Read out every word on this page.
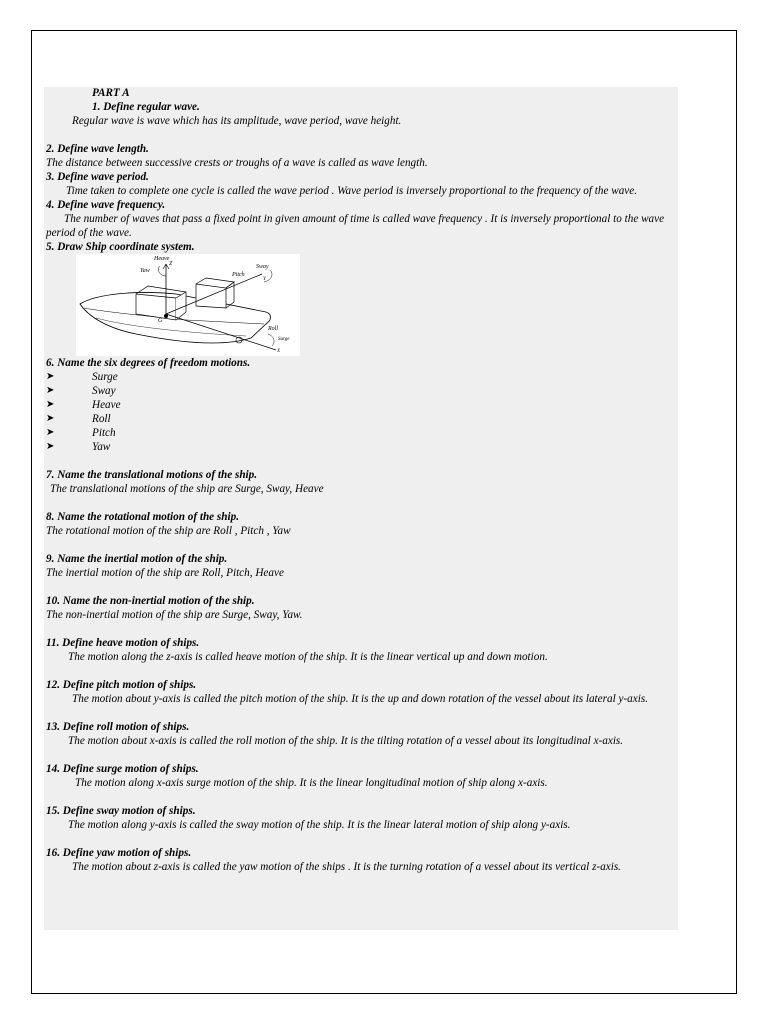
PART A

1. Define regular wave.

Regular wave is wave which has its amplitude, wave period, wave height.

2. Define wave length.

The distance between successive crests or troughs of a wave is called as wave length.

3. Define wave period.

Time taken to complete one cycle is called the wave period . Wave period is inversely proportional to the frequency of the wave.

4. Define wave frequency.

The number of waves that pass a fixed point in given amount of time is called wave frequency . It is inversely proportional to the wave period of the wave.

5. Draw Ship coordinate system.

Heave
Z
Yaw
Sway
Y
Pitch
G
Roll
Surge
X

6. Name the six degrees of freedom motions.

➤	Surge
➤	Sway
➤	Heave
➤	Roll
➤	Pitch
➤	Yaw

7. Name the translational motions of the ship.

The translational motions of the ship are Surge, Sway, Heave

8. Name the rotational motion of the ship.

The rotational motion of the ship are Roll , Pitch , Yaw

9. Name the inertial motion of the ship.

The inertial motion of the ship are Roll, Pitch, Heave

10. Name the non-inertial motion of the ship.

The non-inertial motion of the ship are Surge, Sway, Yaw.

11. Define heave motion of ships.

The motion along the z-axis is called heave motion of the ship. It is the linear vertical up and down motion.

12. Define pitch motion of ships.

The motion about y-axis is called the pitch motion of the ship. It is the up and down rotation of the vessel about its lateral y-axis.

13. Define roll motion of ships.

The motion about x-axis is called the roll motion of the ship. It is the tilting rotation of a vessel about its longitudinal x-axis.

14. Define surge motion of ships.

The motion along x-axis surge motion of the ship. It is the linear longitudinal motion of ship along x-axis.

15. Define sway motion of ships.

The motion along y-axis is called the sway motion of the ship. It is the linear lateral motion of ship along y-axis.

16. Define yaw motion of ships.

The motion about z-axis is called the yaw motion of the ships . It is the turning rotation of a vessel about its vertical z-axis.
